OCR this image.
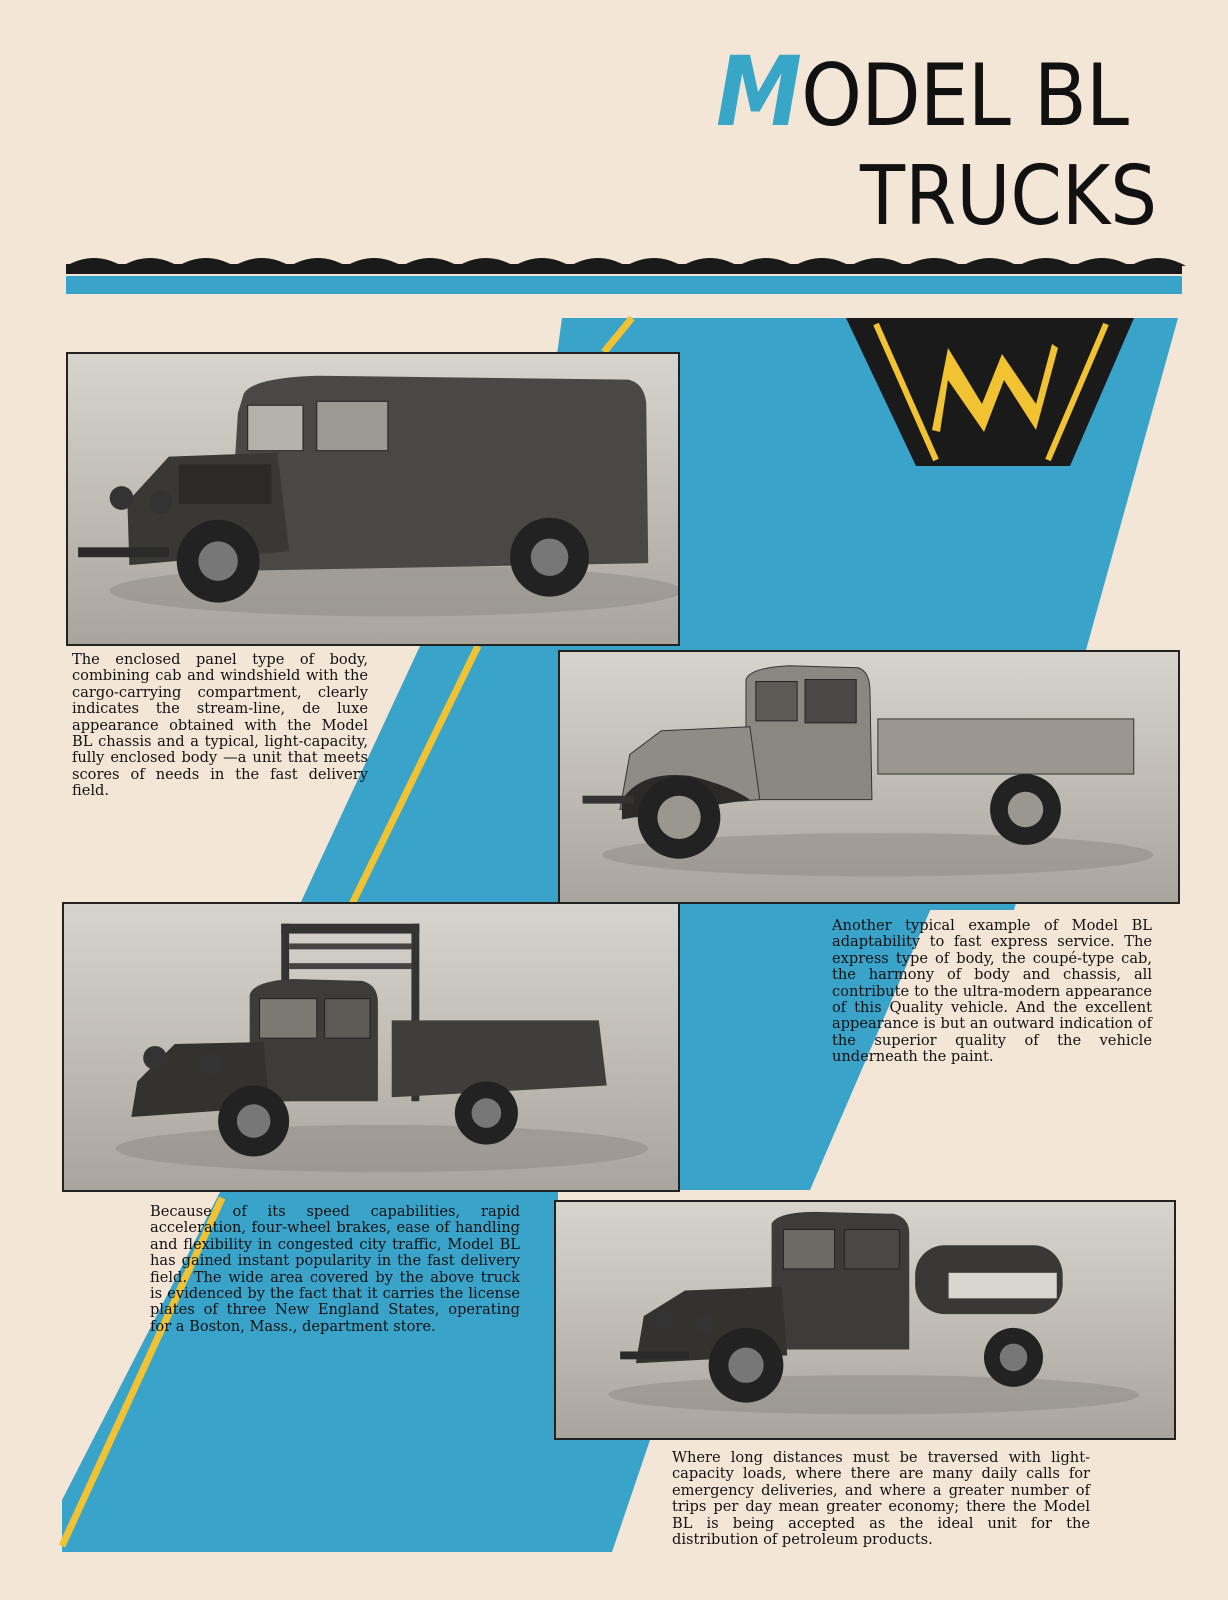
MODEL BL
TRUCKS

The enclosed panel type of body, combining cab and windshield with the cargo-carrying compartment, clearly indicates the stream-line, de luxe appearance obtained with the Model BL chassis and a typical, light-capacity, fully enclosed body —a unit that meets scores of needs in the fast delivery field.

Another typical example of Model BL adaptability to fast express service. The express type of body, the coupé-type cab, the harmony of body and chassis, all contribute to the ultra-modern appearance of this Quality vehicle. And the excellent appearance is but an outward indication of the superior quality of the vehicle underneath the paint.

Because of its speed capabilities, rapid acceleration, four-wheel brakes, ease of handling and flexibility in congested city traffic, Model BL has gained instant popularity in the fast delivery field. The wide area covered by the above truck is evidenced by the fact that it carries the license plates of three New England States, operating for a Boston, Mass., department store.

Where long distances must be traversed with light-capacity loads, where there are many daily calls for emergency deliveries, and where a greater number of trips per day mean greater economy; there the Model BL is being accepted as the ideal unit for the distribution of petroleum products.
